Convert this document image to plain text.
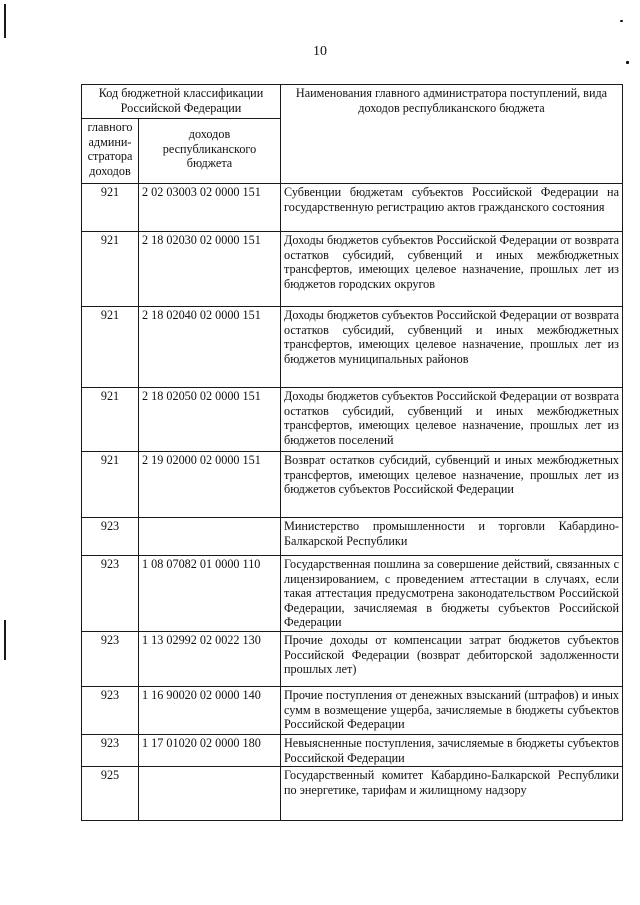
10
Код бюджетной классификации Российской Федерации		Наименования главного администратора поступлений, вида доходов республиканского бюджета

главного админи-стратора доходов	доходов республиканского бюджета	

921	2 02 03003 02 0000 151	Субвенции бюджетам субъектов Российской Федерации на государственную регистрацию актов гражданского состояния
921	2 18 02030 02 0000 151	Доходы бюджетов субъектов Российской Федерации от возврата остатков субсидий, субвенций и иных межбюджетных трансфертов, имеющих целевое назначение, прошлых лет из бюджетов городских округов
921	2 18 02040 02 0000 151	Доходы бюджетов субъектов Российской Федерации от возврата остатков субсидий, субвенций и иных межбюджетных трансфертов, имеющих целевое назначение, прошлых лет из бюджетов муниципальных районов
921	2 18 02050 02 0000 151	Доходы бюджетов субъектов Российской Федерации от возврата остатков субсидий, субвенций и иных межбюджетных трансфертов, имеющих целевое назначение, прошлых лет из бюджетов поселений
921	2 19 02000 02 0000 151	Возврат остатков субсидий, субвенций и иных межбюджетных трансфертов, имеющих целевое назначение, прошлых лет из бюджетов субъектов Российской Федерации
923		Министерство промышленности и торговли Кабардино-Балкарской Республики
923	1 08 07082 01 0000 110	Государственная пошлина за совершение действий, связанных с лицензированием, с проведением аттестации в случаях, если такая аттестация предусмотрена законодательством Российской Федерации, зачисляемая в бюджеты субъектов Российской Федерации
923	1 13 02992 02 0022 130	Прочие доходы от компенсации затрат бюджетов субъектов Российской Федерации (возврат дебиторской задолженности прошлых лет)
923	1 16 90020 02 0000 140	Прочие поступления от денежных взысканий (штрафов) и иных сумм в возмещение ущерба, зачисляемые в бюджеты субъектов Российской Федерации
923	1 17 01020 02 0000 180	Невыясненные поступления, зачисляемые в бюджеты субъектов Российской Федерации
925		Государственный комитет Кабардино-Балкарской Республики по энергетике, тарифам и жилищному надзору
